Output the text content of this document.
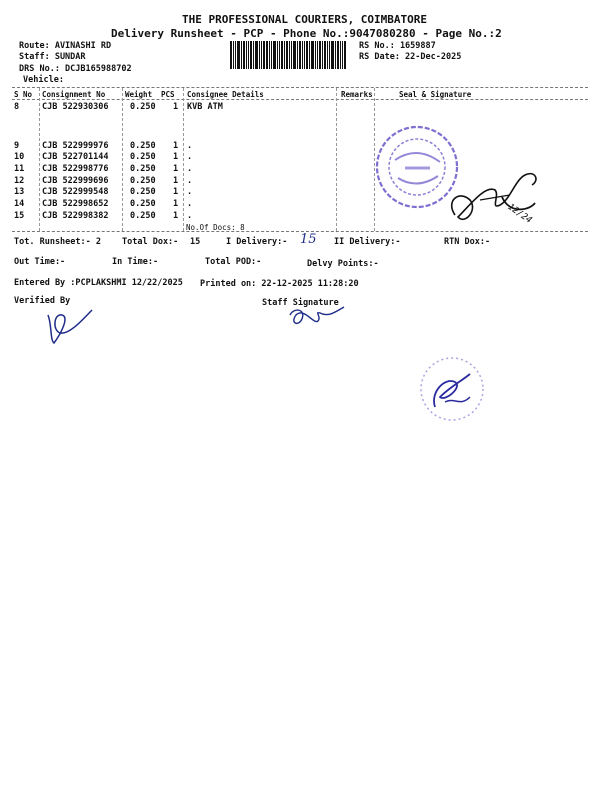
THE PROFESSIONAL COURIERS, COIMBATORE
Delivery Runsheet - PCP - Phone No.:9047080280 - Page No.:2
Route: AVINASHI RD
Staff: SUNDAR
DRS No.: DCJB165988702
Vehicle:
RS No.: 1659887
RS Date: 22-Dec-2025
S No Consignment No	Weight PCS Consignee Details	Remarks	Seal & Signature
8	CJB 522930306	0.250 1 KVB ATM
9	CJB 522999976	0.250 1 .
10 CJB 522701144	0.250 1 .
11 CJB 522998776	0.250 1 .
12 CJB 522999696	0.250 1 .
13 CJB 522999548	0.250 1 .
14 CJB 522998652	0.250 1 .
15 CJB 522998382	0.250 1 .
No.Of Docs: 8
12/24
Tot. Runsheet:- 2 Total Dox:- 15	I Delivery:- 15 II Delivery:-	RTN Dox:-
Out Time:-	In Time:-	Total POD:-	Delvy Points:-
Entered By :PCPLAKSHMI 12/22/2025 Printed on: 22-12-2025 11:28:20
Verified By	Staff Signature
